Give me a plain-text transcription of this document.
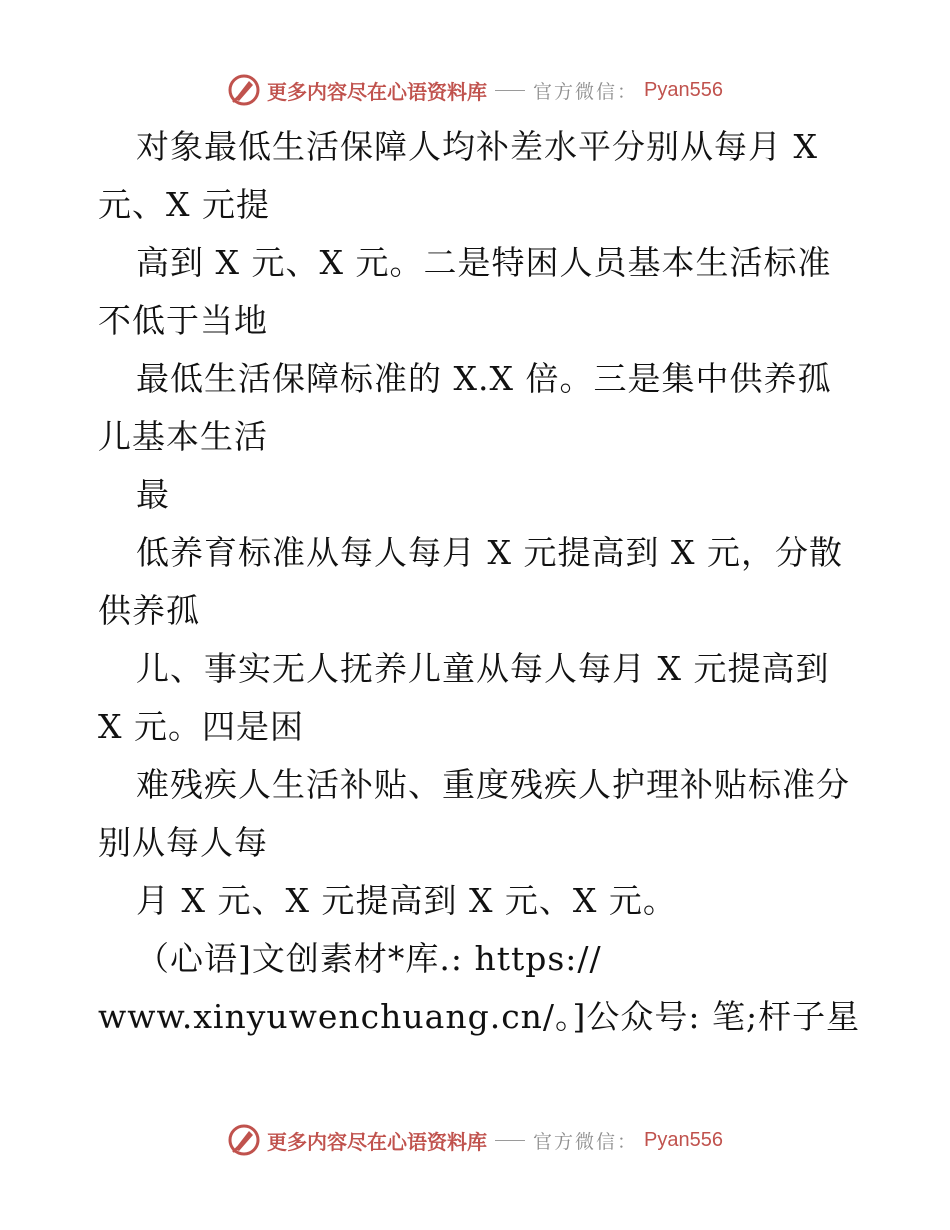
更多内容尽在心语资料库 官方微信： Pyan556
对象最低生活保障人均补差水平分别从每月 X
元、X 元提
高到 X 元、X 元。二是特困人员基本生活标准
不低于当地
最低生活保障标准的 X.X 倍。三是集中供养孤
儿基本生活
最
低养育标准从每人每月 X 元提高到 X 元，分散
供养孤
儿、事实无人抚养儿童从每人每月 X 元提高到
X 元。四是困
难残疾人生活补贴、重度残疾人护理补贴标准分
别从每人每
月 X 元、X 元提高到 X 元、X 元。
（心语]文创素材*库.: https://
www.xinyuwenchuang.cn/。]公众号: 笔;杆子星
更多内容尽在心语资料库 官方微信： Pyan556
